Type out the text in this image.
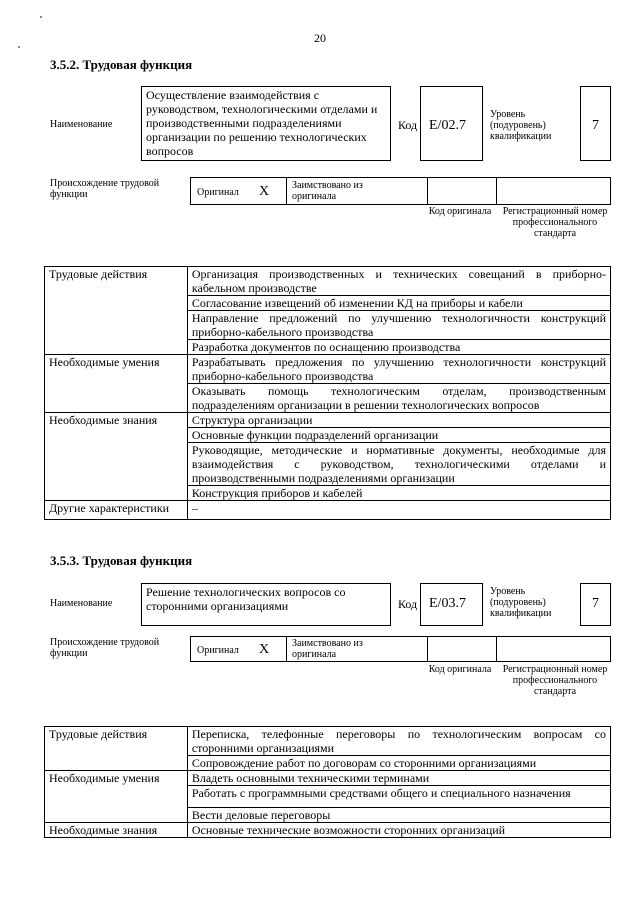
20
3.5.2. Трудовая функция
Наименование
Осуществление взаимодействия с руководством, технологическими отделами и производственными подразделениями организации по решению технологических вопросов
Код E/02.7
Уровень (подуровень) квалификации
7
Происхождение трудовой функции	Оригинал X Заимствовано из оригинала
Код оригинала	Регистрационный номер профессионального стандарта
Трудовые действия	Организация производственных и технических совещаний в приборно-кабельном производстве
	Согласование извещений об изменении КД на приборы и кабели
	Направление предложений по улучшению технологичности конструкций приборно-кабельного производства
	Разработка документов по оснащению производства
Необходимые умения	Разрабатывать предложения по улучшению технологичности конструкций приборно-кабельного производства
	Оказывать помощь технологическим отделам, производственным подразделениям организации в решении технологических вопросов
Необходимые знания	Структура организации
	Основные функции подразделений организации
	Руководящие, методические и нормативные документы, необходимые для взаимодействия с руководством, технологическими отделами и производственными подразделениями организации
	Конструкция приборов и кабелей
Другие характеристики	–
3.5.3. Трудовая функция
Наименование
Решение технологических вопросов со сторонними организациями	Код E/03.7
Уровень (подуровень) квалификации
7
Происхождение трудовой функции	Оригинал X Заимствовано из оригинала
Код оригинала	Регистрационный номер профессионального стандарта
Трудовые действия	Переписка, телефонные переговоры по технологическим вопросам со сторонними организациями
	Сопровождение работ по договорам со сторонними организациями
Необходимые умения	Владеть основными техническими терминами
	Работать с программными средствами общего и специального назначения
	Вести деловые переговоры
Необходимые знания	Основные технические возможности сторонних организаций
